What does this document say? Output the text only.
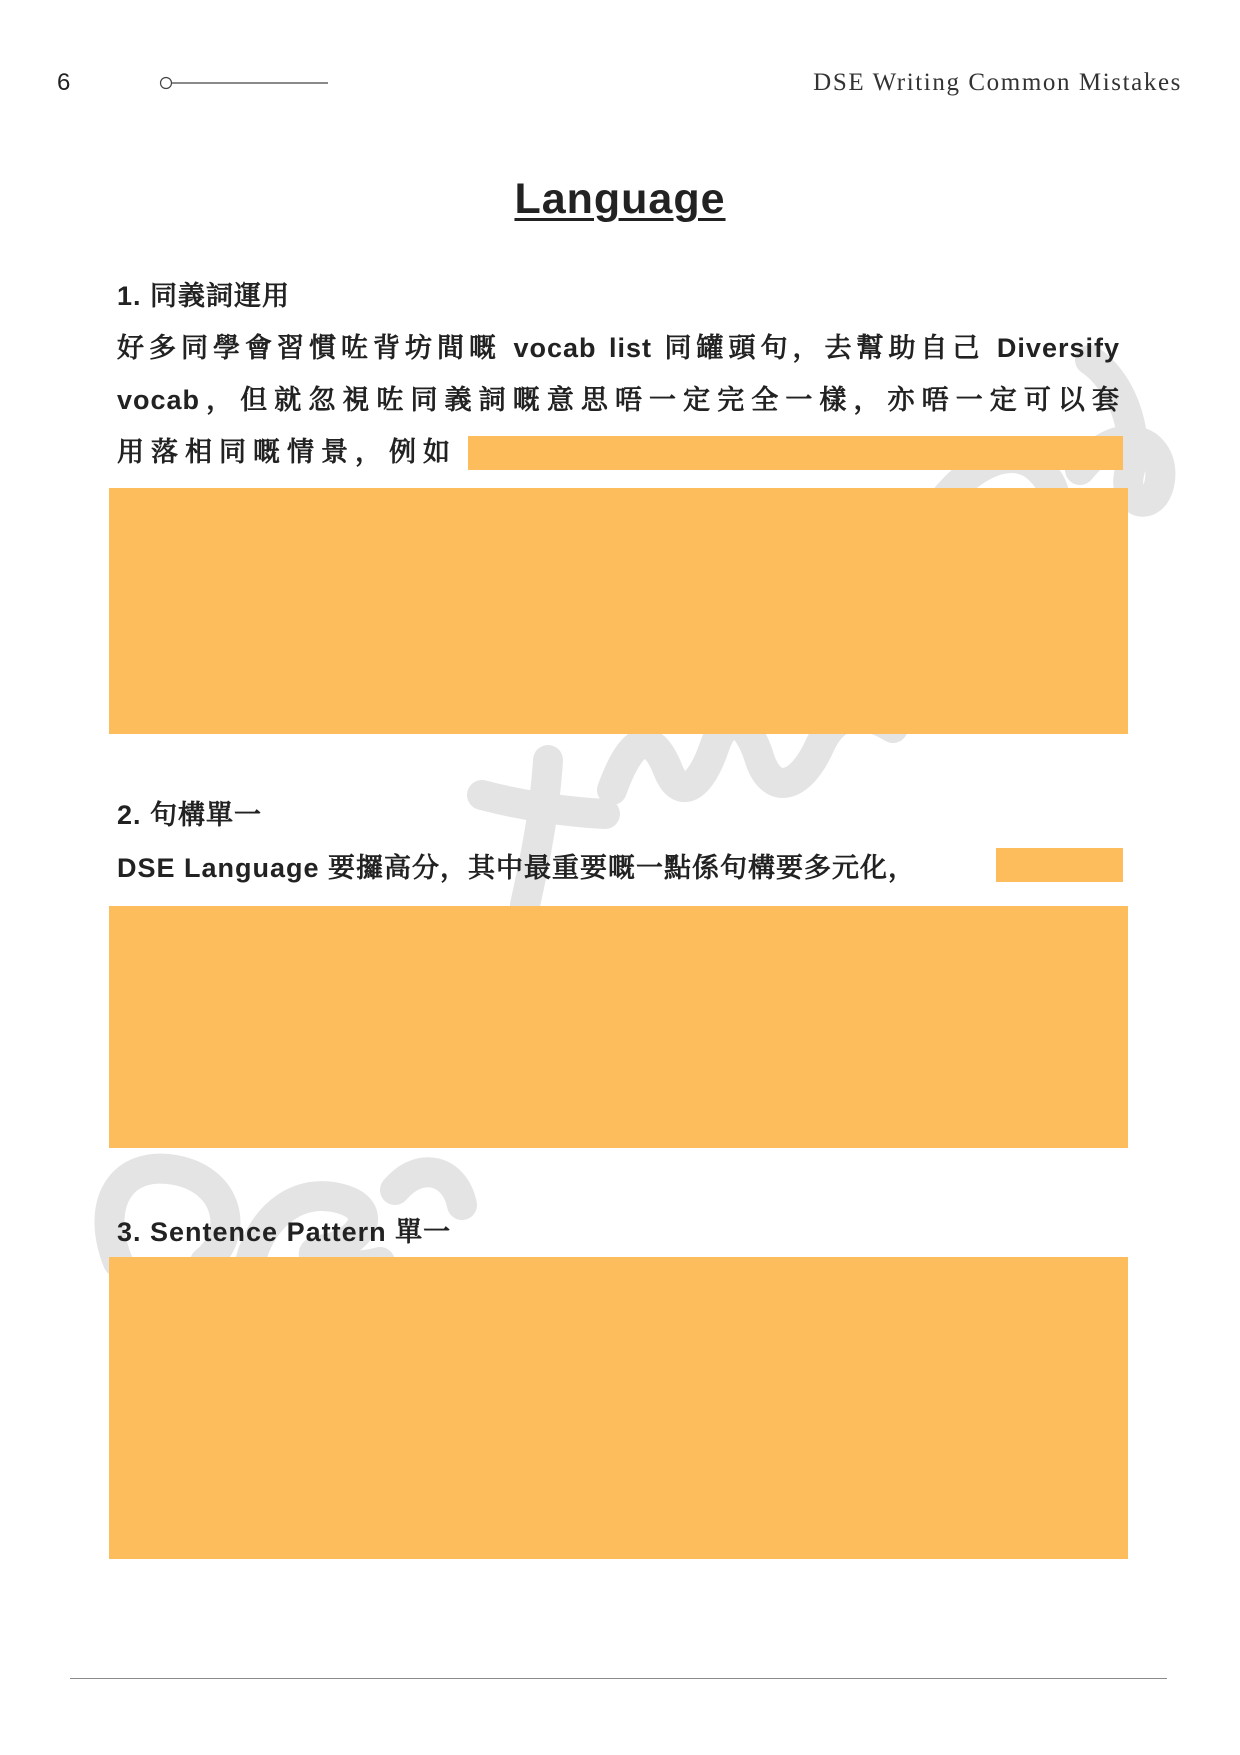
6	DSE Writing Common Mistakes
Language
1. 同義詞運用
好多同學會習慣咗背坊間嘅 vocab list 同罐頭句，去幫助自己 Diversify
vocab，但就忽視咗同義詞嘅意思唔一定完全一樣，亦唔一定可以套
用落相同嘅情景，例如
2. 句構單一
DSE Language 要攞高分，其中最重要嘅一點係句構要多元化，
3. Sentence Pattern 單一
